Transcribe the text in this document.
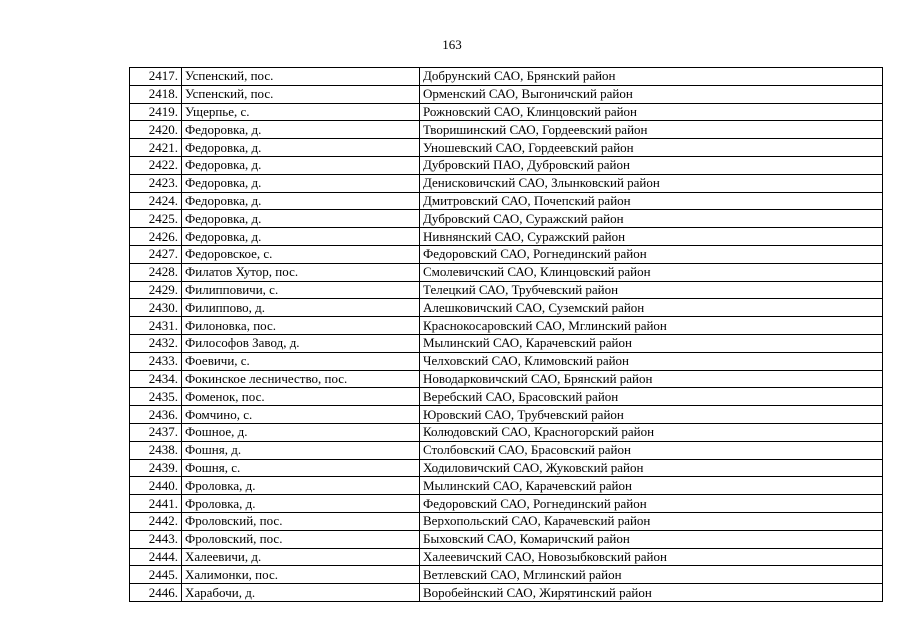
163
2417.	Успенский, пос.	Добрунский САО, Брянский район
2418.	Успенский, пос.	Орменский САО, Выгоничский район
2419.	Ущерпье, с.	Рожновский САО, Клинцовский район
2420.	Федоровка, д.	Творишинский САО, Гордеевский район
2421.	Федоровка, д.	Уношевский САО, Гордеевский район
2422.	Федоровка, д.	Дубровский ПАО, Дубровский район
2423.	Федоровка, д.	Денисковичский САО, Злынковский район
2424.	Федоровка, д.	Дмитровский САО, Почепский район
2425.	Федоровка, д.	Дубровский САО, Суражский район
2426.	Федоровка, д.	Нивнянский САО, Суражский район
2427.	Федоровское, с.	Федоровский САО, Рогнединский район
2428.	Филатов Хутор, пос.	Смолевичский САО, Клинцовский район
2429.	Филипповичи, с.	Телецкий САО, Трубчевский район
2430.	Филиппово, д.	Алешковичский САО, Суземский район
2431.	Филоновка, пос.	Краснокосаровский САО, Мглинский район
2432.	Философов Завод, д.	Мылинский САО, Карачевский район
2433.	Фоевичи, с.	Челховский САО, Климовский район
2434.	Фокинское лесничество, пос.	Новодарковичский САО, Брянский район
2435.	Фоменок, пос.	Веребский САО, Брасовский район
2436.	Фомчино, с.	Юровский САО, Трубчевский район
2437.	Фошное, д.	Колюдовский САО, Красногорский район
2438.	Фошня, д.	Столбовский САО, Брасовский район
2439.	Фошня, с.	Ходиловичский САО, Жуковский район
2440.	Фроловка, д.	Мылинский САО, Карачевский район
2441.	Фроловка, д.	Федоровский САО, Рогнединский район
2442.	Фроловский, пос.	Верхопольский САО, Карачевский район
2443.	Фроловский, пос.	Быховский САО, Комаричский район
2444.	Халеевичи, д.	Халеевичский САО, Новозыбковский район
2445.	Халимонки, пос.	Ветлевский САО, Мглинский район
2446.	Харабочи, д.	Воробейнский САО, Жирятинский район
